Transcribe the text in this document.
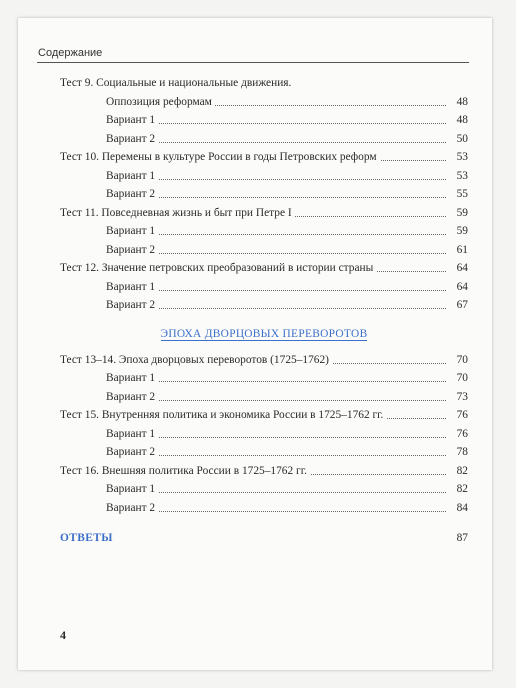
Содержание
Тест 9. Социальные и национальные движения.
Оппозиция реформам	48
Вариант 1	48
Вариант 2	50
Тест 10. Перемены в культуре России в годы Петровских реформ	53
Вариант 1	53
Вариант 2	55
Тест 11. Повседневная жизнь и быт при Петре I	59
Вариант 1	59
Вариант 2	61
Тест 12. Значение петровских преобразований в истории страны	64
Вариант 1	64
Вариант 2	67
ЭПОХА ДВОРЦОВЫХ ПЕРЕВОРОТОВ
Тест 13–14. Эпоха дворцовых переворотов (1725–1762)	70
Вариант 1	70
Вариант 2	73
Тест 15. Внутренняя политика и экономика России в 1725–1762 гг.	76
Вариант 1	76
Вариант 2	78
Тест 16. Внешняя политика России в 1725–1762 гг.	82
Вариант 1	82
Вариант 2	84
ОТВЕТЫ	87
4
